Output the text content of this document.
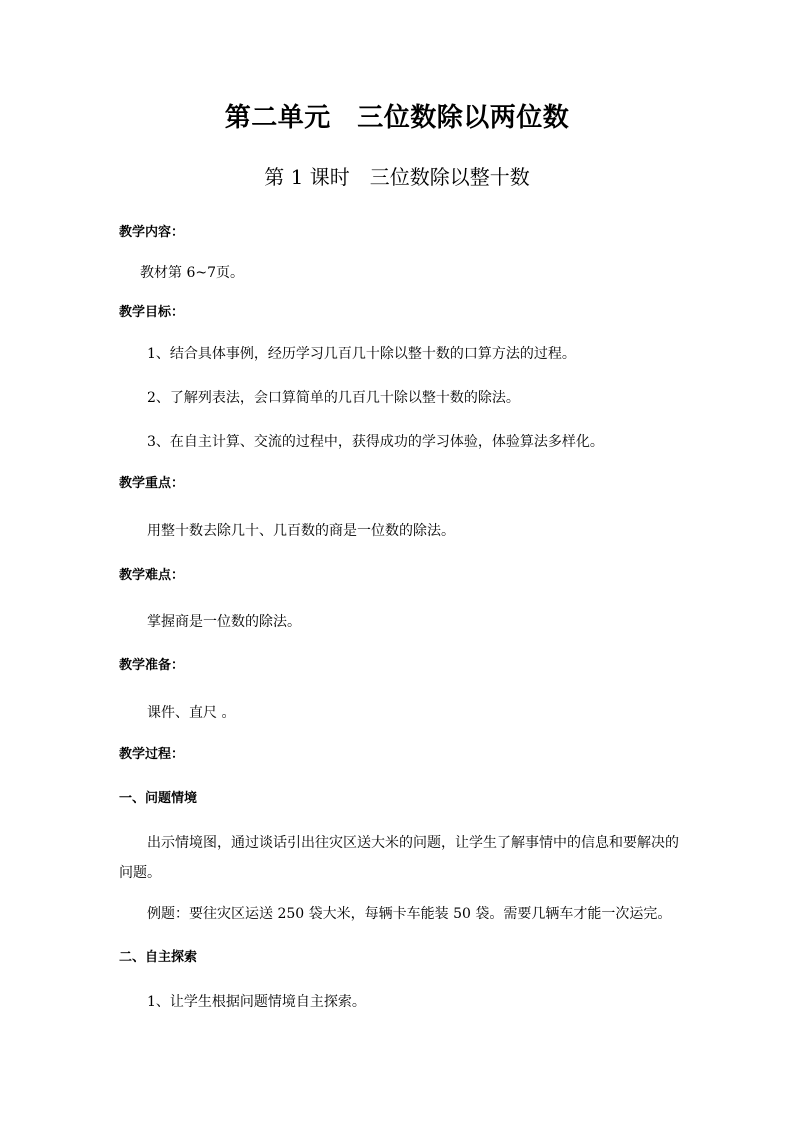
第二单元　三位数除以两位数
第 1 课时　三位数除以整十数
教学内容：
教材第 6~7页。
教学目标：
1、结合具体事例，经历学习几百几十除以整十数的口算方法的过程。
2、了解列表法，会口算简单的几百几十除以整十数的除法。
3、在自主计算、交流的过程中，获得成功的学习体验，体验算法多样化。
教学重点：
用整十数去除几十、几百数的商是一位数的除法。
教学难点：
掌握商是一位数的除法。
教学准备：
课件、直尺 。
教学过程：
一、问题情境
出示情境图，通过谈话引出往灾区送大米的问题，让学生了解事情中的信息和要解决的问题。
例题：要往灾区运送 250 袋大米，每辆卡车能装 50 袋。需要几辆车才能一次运完。
二、自主探索
1、让学生根据问题情境自主探索。
